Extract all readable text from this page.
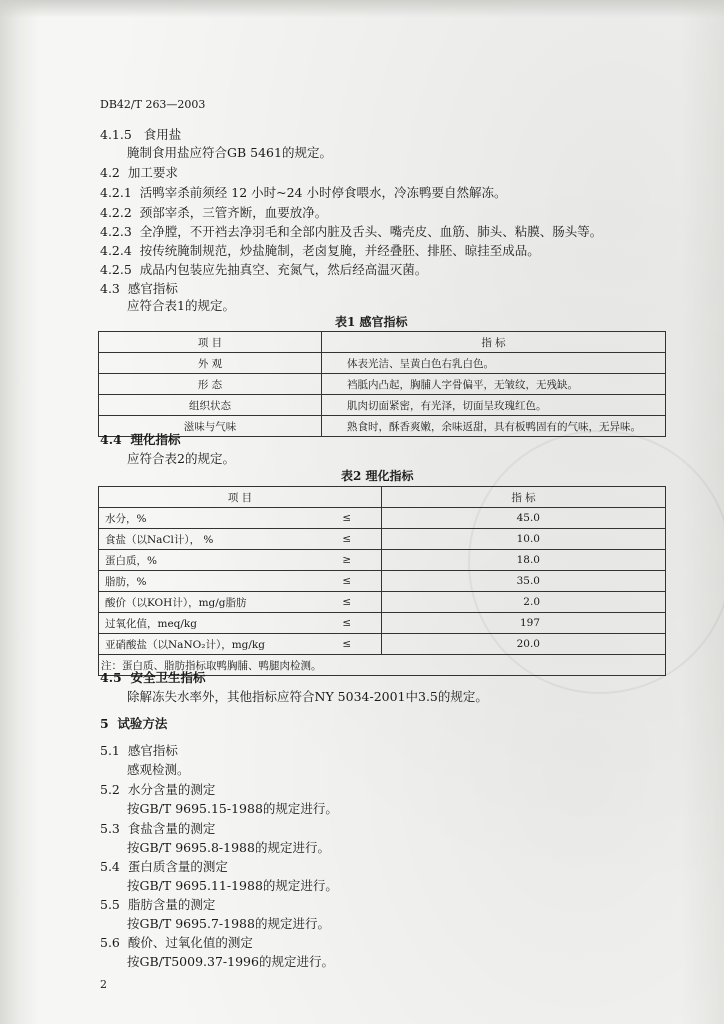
DB42/T 263—2003
4.1.5 食用盐
腌制食用盐应符合GB 5461的规定。
4.2 加工要求
4.2.1 活鸭宰杀前须经 12 小时~24 小时停食喂水，冷冻鸭要自然解冻。
4.2.2 颈部宰杀，三管齐断，血要放净。
4.2.3 全净膛，不开裆去净羽毛和全部内脏及舌头、嘴壳皮、血筋、肺头、粘膜、肠头等。
4.2.4 按传统腌制规范，炒盐腌制，老卤复腌，并经叠胚、排胚、晾挂至成品。
4.2.5 成品内包装应先抽真空、充氮气，然后经高温灭菌。
4.3 感官指标
应符合表1的规定。
表1 感官指标
项 目	指 标
外 观	体表光洁、呈黄白色右乳白色。
形 态	裆胝内凸起，胸脯人字骨偏平，无皱纹，无残缺。
组织状态	肌肉切面紧密，有光泽，切面呈玫瑰红色。
滋味与气味	熟食时，酥香爽嫩，余味返甜，具有板鸭固有的气味，无异味。
4.4 理化指标
应符合表2的规定。
表2 理化指标
项 目		指 标
水分，%	≤	45.0
食盐（以NaCl计）， %	≤	10.0
蛋白质，%	≥	18.0
脂肪，%	≤	35.0
酸价（以KOH计），mg/g脂肪	≤	2.0
过氧化值，meq/kg	≤	197
亚硝酸盐（以NaNO₂计），mg/kg	≤	20.0
注：蛋白质、脂肪指标取鸭胸脯、鸭腿肉检测。		
4.5 安全卫生指标
除解冻失水率外，其他指标应符合NY 5034-2001中3.5的规定。
5 试验方法
5.1 感官指标
感观检测。
5.2 水分含量的测定
按GB/T 9695.15-1988的规定进行。
5.3 食盐含量的测定
按GB/T 9695.8-1988的规定进行。
5.4 蛋白质含量的测定
按GB/T 9695.11-1988的规定进行。
5.5 脂肪含量的测定
按GB/T 9695.7-1988的规定进行。
5.6 酸价、过氧化值的测定
按GB/T5009.37-1996的规定进行。
2
